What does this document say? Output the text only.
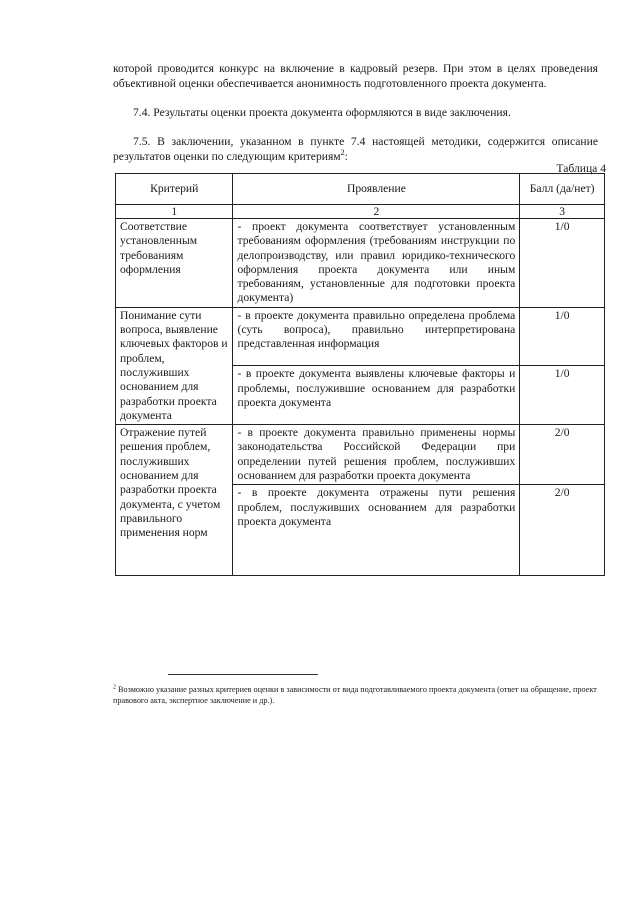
которой проводится конкурс на включение в кадровый резерв. При этом в целях проведения объективной оценки обеспечивается анонимность подготовленного проекта документа.

7.4. Результаты оценки проекта документа оформляются в виде заключения.

7.5. В заключении, указанном в пункте 7.4 настоящей методики, содержится описание результатов оценки по следующим критериям$^2$:

Таблица 4
Критерий	Проявление	Балл (да/нет)
1	2	3
Соответствие установленным требованиям оформления	- проект документа соответствует установленным требованиям оформления (требованиям инструкции по делопроизводству, или правил юридико-технического оформления проекта документа или иным требованиям, установленные для подготовки проекта документа)	1/0
Понимание сути вопроса, выявление ключевых факторов и проблем, послуживших основанием для разработки проекта документа	- в проекте документа правильно определена проблема (суть вопроса), правильно интерпретирована представленная информация	1/0
	- в проекте документа выявлены ключевые факторы и проблемы, послужившие основанием для разработки проекта документа	1/0
Отражение путей решения проблем, послуживших основанием для разработки проекта документа, с учетом правильного применения норм	- в проекте документа правильно применены нормы законодательства Российской Федерации при определении путей решения проблем, послуживших основанием для разработки проекта документа	2/0
	- в проекте документа отражены пути решения проблем, послуживших основанием для разработки проекта документа	2/0

$^2$ Возможно указание разных критериев оценки в зависимости от вида подготавливаемого проекта документа (ответ на обращение, проект правового акта, экспертное заключение и др.).
